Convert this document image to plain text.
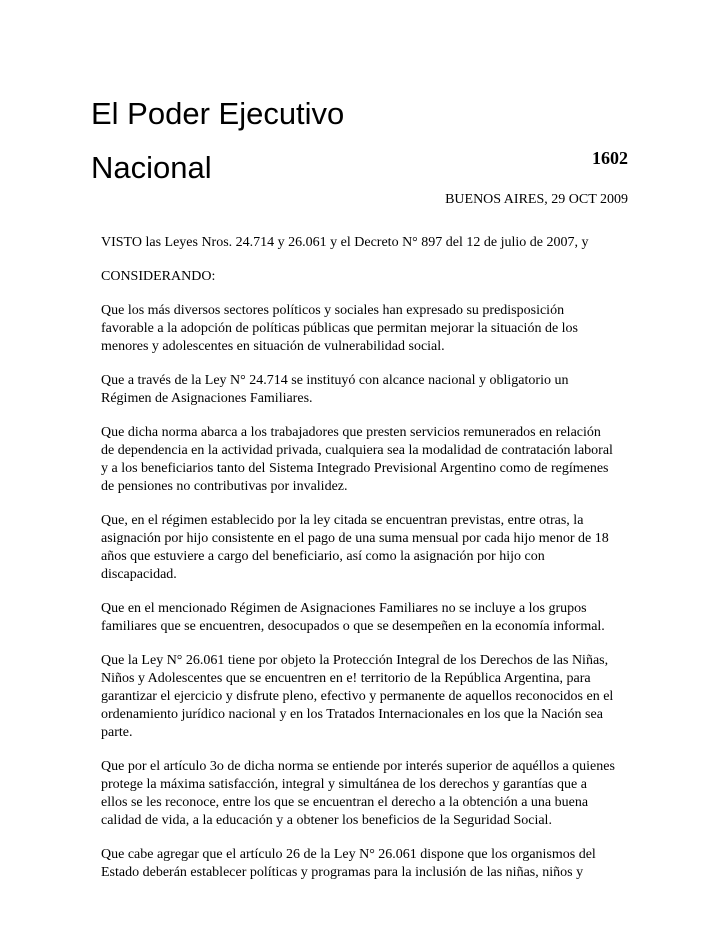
El Poder Ejecutivo
Nacional	1602
BUENOS AIRES, 29 OCT 2009

VISTO las Leyes Nros. 24.714 y 26.061 y el Decreto N° 897 del 12 de julio de 2007, y

CONSIDERANDO:

Que los más diversos sectores políticos y sociales han expresado su predisposición
favorable a la adopción de políticas públicas que permitan mejorar la situación de los
menores y adolescentes en situación de vulnerabilidad social.

Que a través de la Ley N° 24.714 se instituyó con alcance nacional y obligatorio un
Régimen de Asignaciones Familiares.

Que dicha norma abarca a los trabajadores que presten servicios remunerados en relación
de dependencia en la actividad privada, cualquiera sea la modalidad de contratación laboral
y a los beneficiarios tanto del Sistema Integrado Previsional Argentino como de regímenes
de pensiones no contributivas por invalidez.

Que, en el régimen establecido por la ley citada se encuentran previstas, entre otras, la
asignación por hijo consistente en el pago de una suma mensual por cada hijo menor de 18
años que estuviere a cargo del beneficiario, así como la asignación por hijo con
discapacidad.

Que en el mencionado Régimen de Asignaciones Familiares no se incluye a los grupos
familiares que se encuentren, desocupados o que se desempeñen en la economía informal.

Que la Ley N° 26.061 tiene por objeto la Protección Integral de los Derechos de las Niñas,
Niños y Adolescentes que se encuentren en e! territorio de la República Argentina, para
garantizar el ejercicio y disfrute pleno, efectivo y permanente de aquellos reconocidos en el
ordenamiento jurídico nacional y en los Tratados Internacionales en los que la Nación sea
parte.

Que por el artículo 3o de dicha norma se entiende por interés superior de aquéllos a quienes
protege la máxima satisfacción, integral y simultánea de los derechos y garantías que a
ellos se les reconoce, entre los que se encuentran el derecho a la obtención a una buena
calidad de vida, a la educación y a obtener los beneficios de la Seguridad Social.

Que cabe agregar que el artículo 26 de la Ley N° 26.061 dispone que los organismos del
Estado deberán establecer políticas y programas para la inclusión de las niñas, niños y
